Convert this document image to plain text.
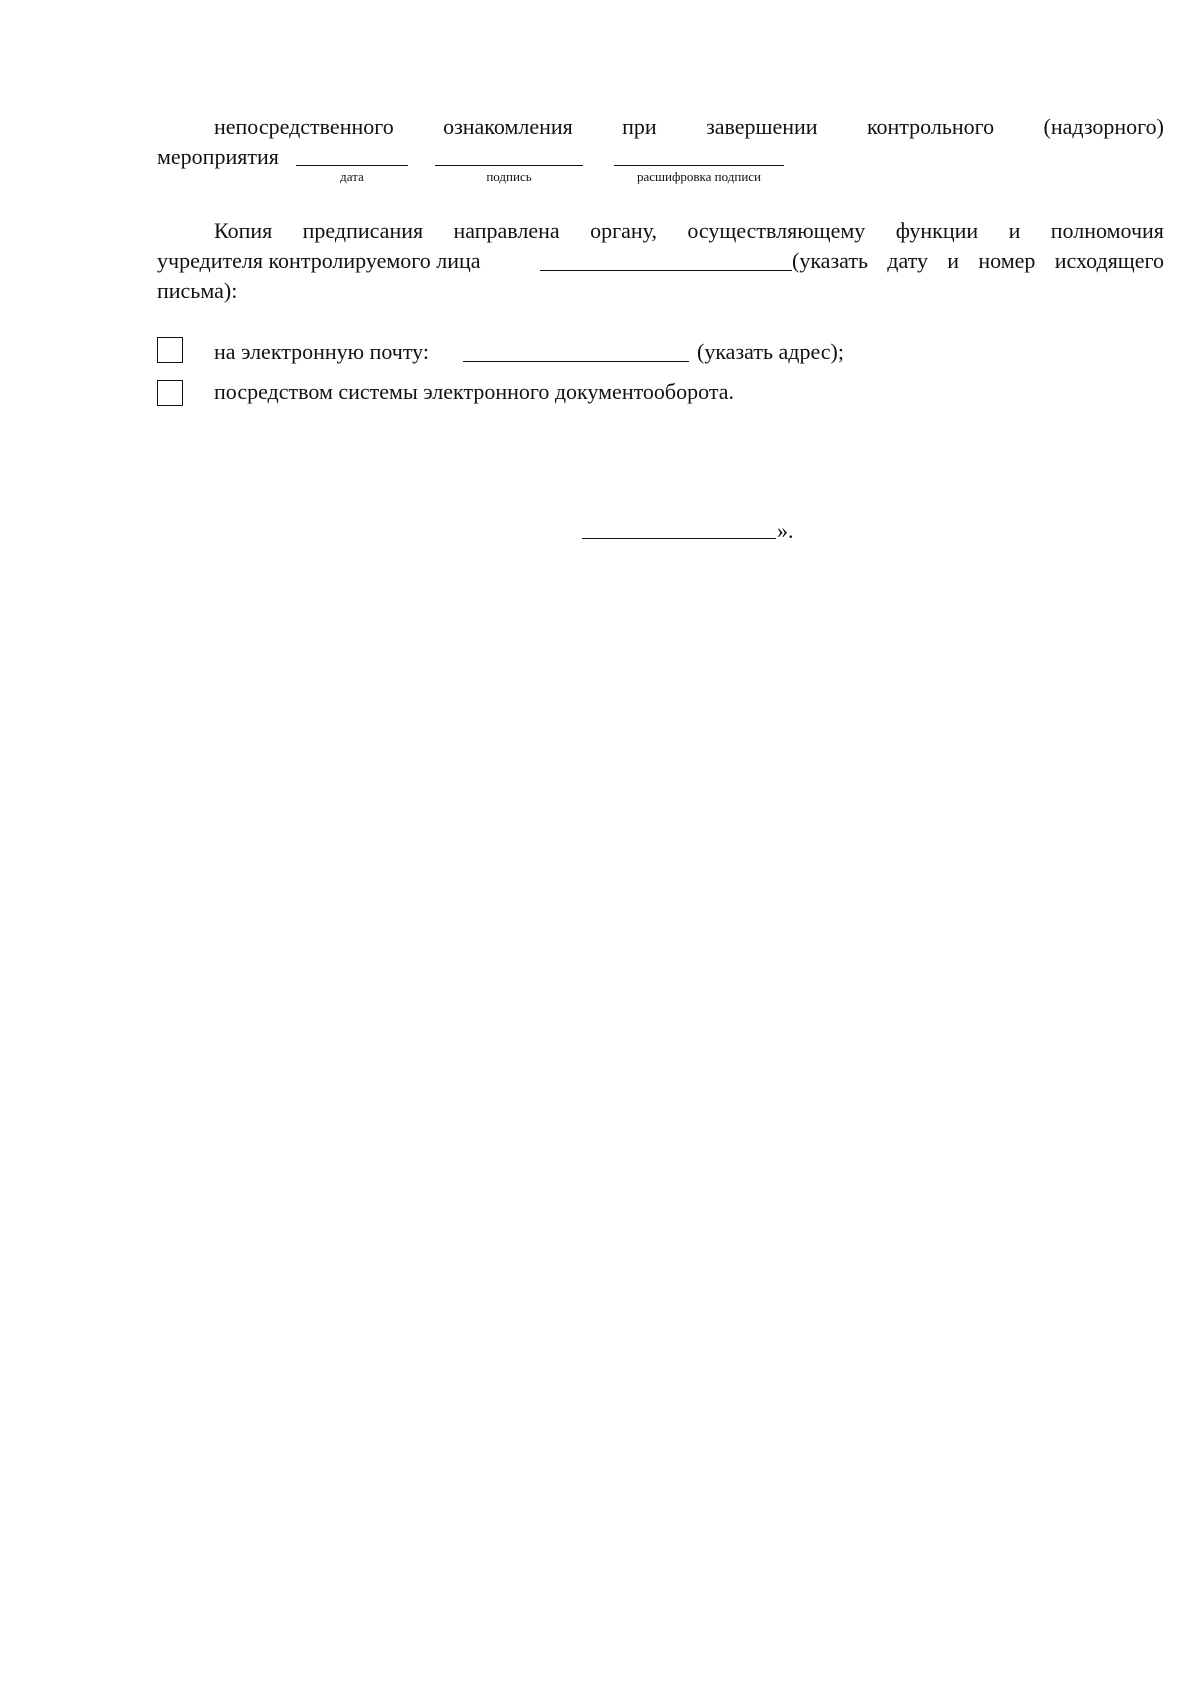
непосредственного ознакомления при завершении контрольного (надзорного)
мероприятия
дата	подпись	расшифровка подписи
Копия предписания направлена органу, осуществляющему функции и полномочия
учредителя контролируемого лица	(указать дату и номер исходящего
письма):
на электронную почту:	(указать адрес);
посредством системы электронного документооборота.
».
